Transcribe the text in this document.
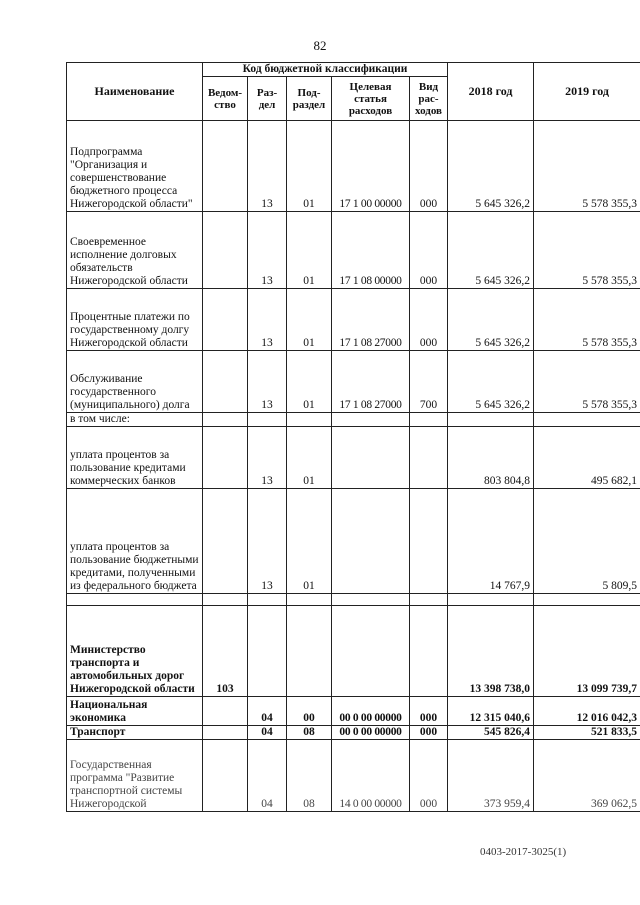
82
Наименование	Код бюджетной классификации					2018 год	2019 год
	Ведом-ство	Раз-дел	Под-раздел	Целевая статья расходов	Вид рас-ходов		
Подпрограмма "Организация и совершенствование бюджетного процесса Нижегородской области"		13	01	17 1 00 00000	000	5 645 326,2	5 578 355,3
Своевременное исполнение долговых обязательств Нижегородской области		13	01	17 1 08 00000	000	5 645 326,2	5 578 355,3
Процентные платежи по государственному долгу Нижегородской области		13	01	17 1 08 27000	000	5 645 326,2	5 578 355,3
Обслуживание государственного (муниципального) долга		13	01	17 1 08 27000	700	5 645 326,2	5 578 355,3
в том числе:							
уплата процентов за пользование кредитами коммерческих банков		13	01			803 804,8	495 682,1
уплата процентов за пользование бюджетными кредитами, полученными из федерального бюджета		13	01			14 767,9	5 809,5

Министерство транспорта и автомобильных дорог Нижегородской области	103					13 398 738,0	13 099 739,7
Национальная экономика		04	00	00 0 00 00000	000	12 315 040,6	12 016 042,3
Транспорт		04	08	00 0 00 00000	000	545 826,4	521 833,5
Государственная программа "Развитие транспортной системы Нижегородской		04	08	14 0 00 00000	000	373 959,4	369 062,5
0403-2017-3025(1)
